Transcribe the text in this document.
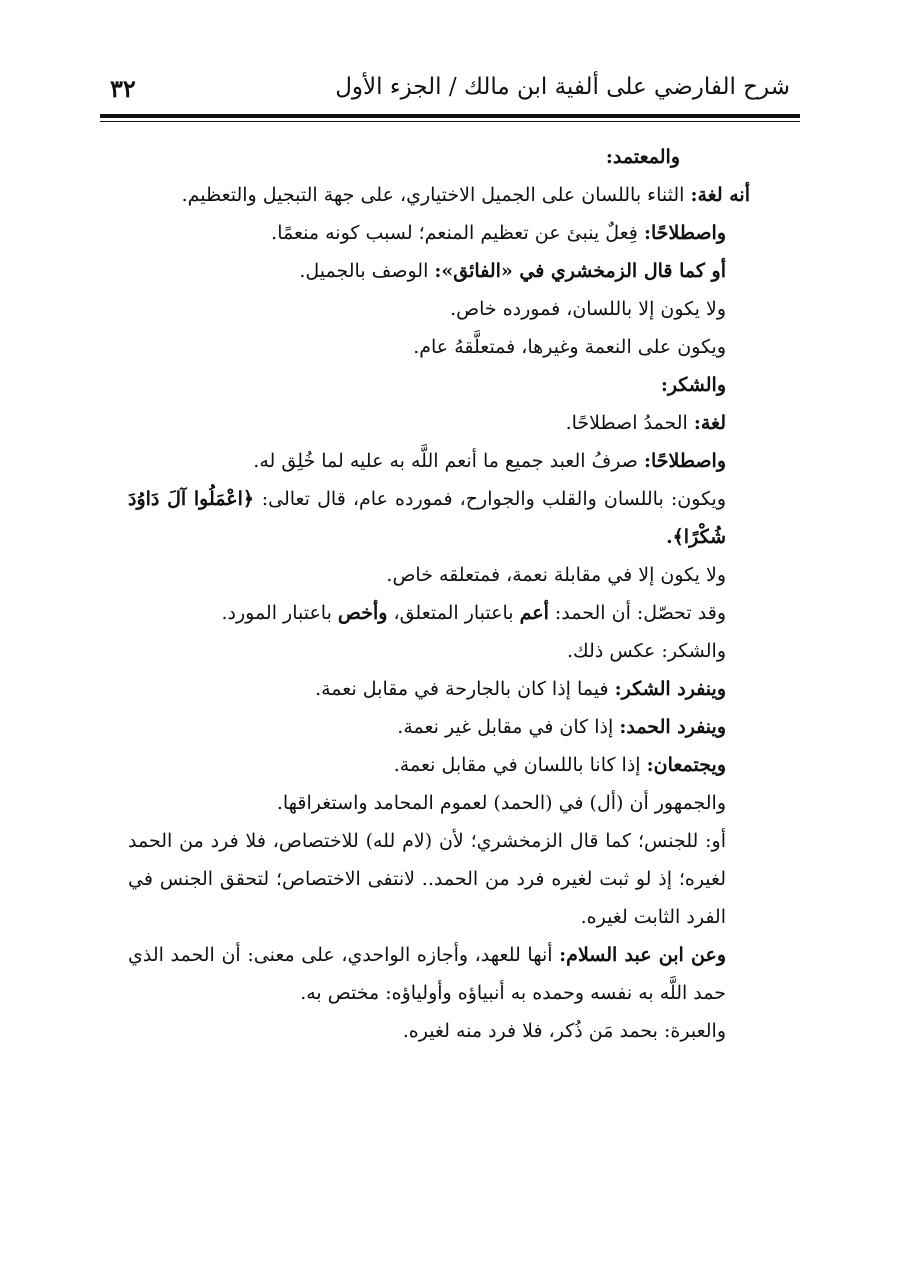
شرح الفارضي على ألفية ابن مالك / الجزء الأول
٣٢
والمعتمد:
أنه لغة: الثناء باللسان على الجميل الاختياري، على جهة التبجيل والتعظيم.
واصطلاحًا: فِعلٌ ينبئ عن تعظيم المنعم؛ لسبب كونه منعمًا.
أو كما قال الزمخشري في «الفائق»: الوصف بالجميل.
ولا يكون إلا باللسان، فمورده خاص.
ويكون على النعمة وغيرها، فمتعلَّقهُ عام.
والشكر:
لغة: الحمدُ اصطلاحًا.
واصطلاحًا: صرفُ العبد جميع ما أنعم اللَّه به عليه لما خُلِق له.
ويكون: باللسان والقلب والجوارح، فمورده عام، قال تعالى: ﴿اعْمَلُوا آلَ دَاوُدَ شُكْرًا﴾.
ولا يكون إلا في مقابلة نعمة، فمتعلقه خاص.
وقد تحصّل: أن الحمد: أعم باعتبار المتعلق، وأخص باعتبار المورد.
والشكر: عكس ذلك.
وينفرد الشكر: فيما إذا كان بالجارحة في مقابل نعمة.
وينفرد الحمد: إذا كان في مقابل غير نعمة.
ويجتمعان: إذا كانا باللسان في مقابل نعمة.
والجمهور أن (أل) في (الحمد) لعموم المحامد واستغراقها.
أو: للجنس؛ كما قال الزمخشري؛ لأن (لام لله) للاختصاص، فلا فرد من الحمد لغيره؛ إذ لو ثبت لغيره فرد من الحمد.. لانتفى الاختصاص؛ لتحقق الجنس في الفرد الثابت لغيره.
وعن ابن عبد السلام: أنها للعهد، وأجازه الواحدي، على معنى: أن الحمد الذي حمد اللَّه به نفسه وحمده به أنبياؤه وأولياؤه: مختص به.
والعبرة: بحمد مَن ذُكر، فلا فرد منه لغيره.
